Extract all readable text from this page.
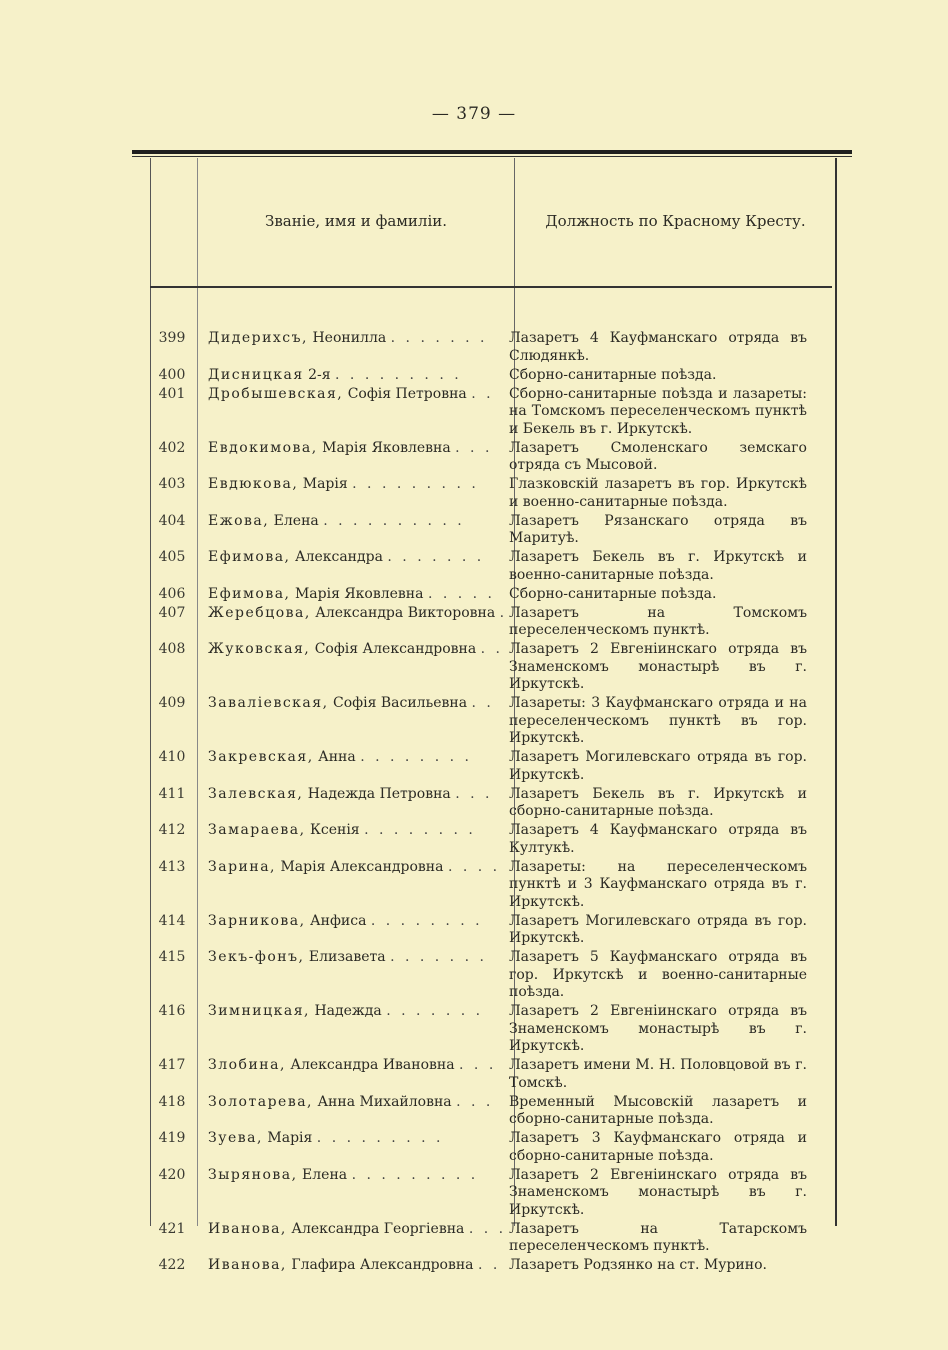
— 379 —
Званіе, имя и фамиліи.	Должность по Красному Кресту.
399	Дидерихсъ, Неонилла . . . . . . .	Лазаретъ 4 Кауфманскаго отряда въ Слюдянкѣ.
400	Дисницкая 2-я . . . . . . . . .	Сборно-санитарные поѣзда.
401	Дробышевская, Софія Петровна . .	Сборно-санитарные поѣзда и лазареты: на Томскомъ переселенческомъ пунктѣ и Бекель въ г. Иркутскѣ.
402	Евдокимова, Марія Яковлевна . . .	Лазаретъ Смоленскаго земскаго отряда съ Мысовой.
403	Евдюкова, Марія . . . . . . . . .	Глазковскій лазаретъ въ гор. Иркутскѣ и военно-санитарные поѣзда.
404	Ежова, Елена . . . . . . . . . .	Лазаретъ Рязанскаго отряда въ Маритуѣ.
405	Ефимова, Александра . . . . . . .	Лазаретъ Бекель въ г. Иркутскѣ и военно-санитарные поѣзда.
406	Ефимова, Марія Яковлевна . . . . .	Сборно-санитарные поѣзда.
407	Жеребцова, Александра Викторовна . Лазаретъ на Томскомъ переселенческомъ пунктѣ.
408	Жуковская, Софія Александровна . . Лазаретъ 2 Евгеніинскаго отряда въ Знаменскомъ монастырѣ въ г. Иркутскѣ.
409	Заваліевская, Софія Васильевна . .	Лазареты: 3 Кауфманскаго отряда и на переселенческомъ пунктѣ въ гор. Иркутскѣ.
410	Закревская, Анна . . . . . . . .	Лазаретъ Могилевскаго отряда въ гор. Иркутскѣ.
411	Залевская, Надежда Петровна . . .	Лазаретъ Бекель въ г. Иркутскѣ и сборно-санитарные поѣзда.
412	Замараева, Ксенія . . . . . . . .	Лазаретъ 4 Кауфманскаго отряда въ Култукѣ.
413	Зарина, Марія Александровна . . . . Лазареты: на переселенческомъ пунктѣ и 3 Кауфманскаго отряда въ г. Иркутскѣ.
414	Зарникова, Анфиса . . . . . . . .	Лазаретъ Могилевскаго отряда въ гор. Иркутскѣ.
415	Зекъ-фонъ, Елизавета . . . . . . .	Лазаретъ 5 Кауфманскаго отряда въ гор. Иркутскѣ и военно-санитарные поѣзда.
416	Зимницкая, Надежда . . . . . . .	Лазаретъ 2 Евгеніинскаго отряда въ Знаменскомъ монастырѣ въ г. Иркутскѣ.
417	Злобина, Александра Ивановна . . . Лазаретъ имени М. Н. Половцовой въ г. Томскѣ.
418	Золотарева, Анна Михайловна . . .	Временный Мысовскій лазаретъ и сборно-санитарные поѣзда.
419	Зуева, Марія . . . . . . . . .	Лазаретъ 3 Кауфманскаго отряда и сборно-санитарные поѣзда.
420	Зырянова, Елена . . . . . . . . .	Лазаретъ 2 Евгеніинскаго отряда въ Знаменскомъ монастырѣ въ г. Иркутскѣ.
421	Иванова, Александра Георгіевна . . . Лазаретъ на Татарскомъ переселенческомъ пунктѣ.
422	Иванова, Глафира Александровна . . Лазаретъ Родзянко на ст. Мурино.
